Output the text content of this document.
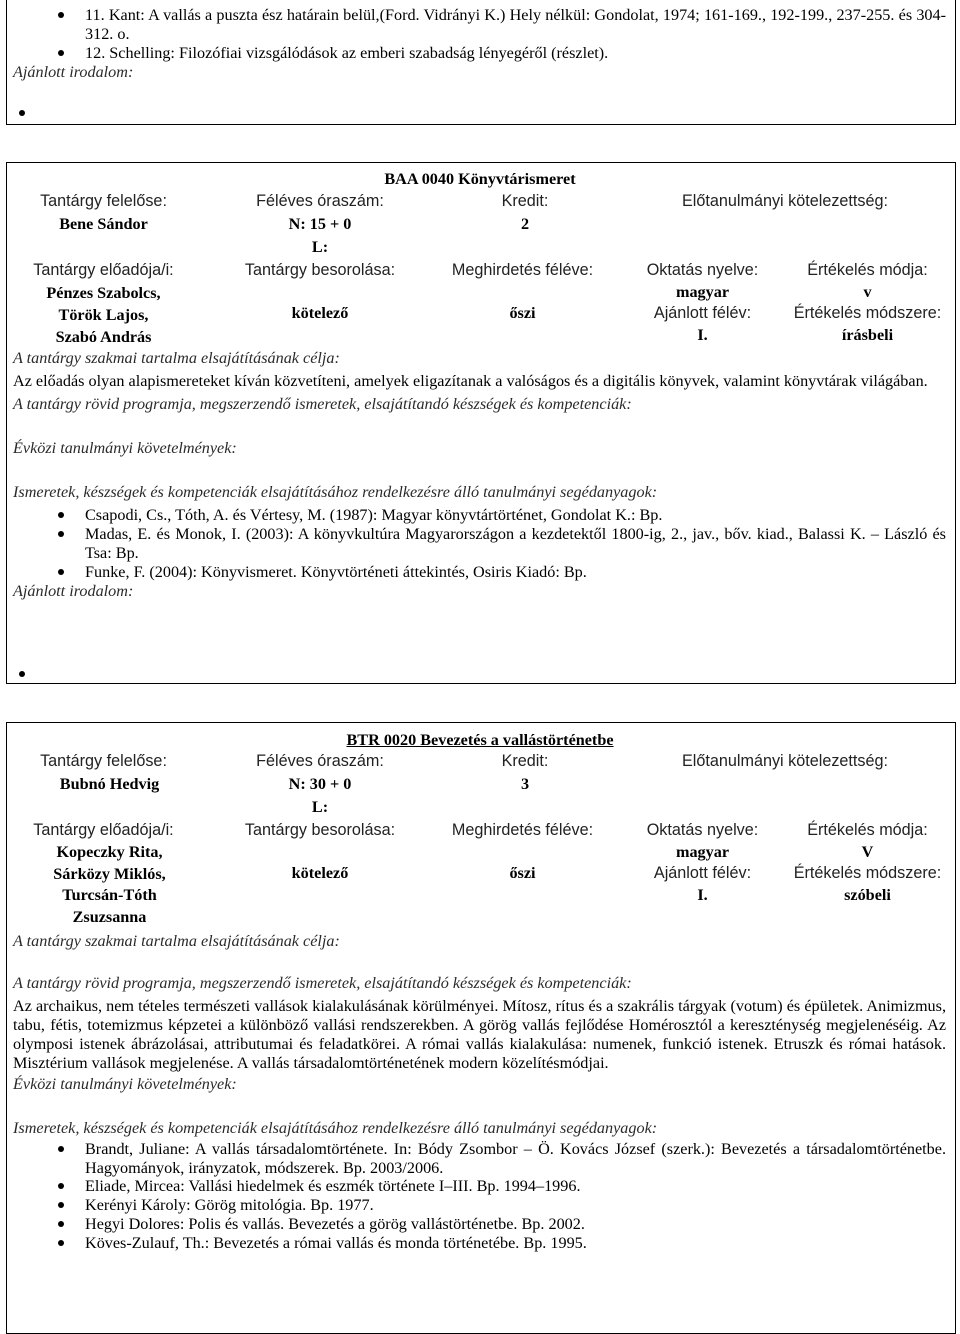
11. Kant: A vallás a puszta ész határain belül,(Ford. Vidrányi K.) Hely nélkül: Gondolat, 1974; 161-169., 192-199., 237-255. és 304-312. o.
12. Schelling: Filozófiai vizsgálódások az emberi szabadság lényegéről (részlet).
Ajánlott irodalom:
BAA 0040 Könyvtárismeret
Tantárgy felelőse:
Bene Sándor
Féléves óraszám:
N: 15 + 0
L:
Kredit:
2
Előtanulmányi kötelezettség:
Tantárgy előadója/i:
Pénzes Szabolcs,
Török Lajos,
Szabó András
Tantárgy besorolása:
kötelező
Meghirdetés féléve:
őszi
Oktatás nyelve:
magyar
Értékelés módja:
v
Ajánlott félév:
I.
Értékelés módszere:
írásbeli
A tantárgy szakmai tartalma elsajátításának célja:
Az előadás olyan alapismereteket kíván közvetíteni, amelyek eligazítanak a valóságos és a digitális könyvek, valamint könyvtárak világában.
A tantárgy rövid programja, megszerzendő ismeretek, elsajátítandó készségek és kompetenciák:
Évközi tanulmányi követelmények:
Ismeretek, készségek és kompetenciák elsajátításához rendelkezésre álló tanulmányi segédanyagok:
Csapodi, Cs., Tóth, A. és Vértesy, M. (1987): Magyar könyvtártörténet, Gondolat K.: Bp.
Madas, E. és Monok, I. (2003): A könyvkultúra Magyarországon a kezdetektől 1800-ig, 2., jav., bőv. kiad., Balassi K. – László és Tsa: Bp.
Funke, F. (2004): Könyvismeret. Könyvtörténeti áttekintés, Osiris Kiadó: Bp.
Ajánlott irodalom:
BTR 0020 Bevezetés a vallástörténetbe
Tantárgy felelőse:
Bubnó Hedvig
Féléves óraszám:
N: 30 + 0
L:
Kredit:
3
Előtanulmányi kötelezettség:
Tantárgy előadója/i:
Kopeczky Rita,
Sárközy Miklós,
Turcsán-Tóth
Zsuzsanna
Tantárgy besorolása:
kötelező
Meghirdetés féléve:
őszi
Oktatás nyelve:
magyar
Értékelés módja:
V
Ajánlott félév:
I.
Értékelés módszere:
szóbeli
A tantárgy szakmai tartalma elsajátításának célja:
A tantárgy rövid programja, megszerzendő ismeretek, elsajátítandó készségek és kompetenciák:
Az archaikus, nem tételes természeti vallások kialakulásának körülményei. Mítosz, rítus és a szakrális tárgyak (votum) és épületek. Animizmus, tabu, fétis, totemizmus képzetei a különböző vallási rendszerekben. A görög vallás fejlődése Homérosztól a kereszténység megjelenéséig. Az olymposi istenek ábrázolásai, attributumai és feladatkörei. A római vallás kialakulása: numenek, funkció istenek. Etruszk és római hatások. Misztérium vallások megjelenése. A vallás társadalomtörténetének modern közelítésmódjai.
Évközi tanulmányi követelmények:
Ismeretek, készségek és kompetenciák elsajátításához rendelkezésre álló tanulmányi segédanyagok:
Brandt, Juliane: A vallás társadalomtörténete. In: Bódy Zsombor – Ö. Kovács József (szerk.): Bevezetés a társadalomtörténetbe. Hagyományok, irányzatok, módszerek. Bp. 2003/2006.
Eliade, Mircea: Vallási hiedelmek és eszmék története I–III. Bp. 1994–1996.
Kerényi Károly: Görög mitológia. Bp. 1977.
Hegyi Dolores: Polis és vallás. Bevezetés a görög vallástörténetbe. Bp. 2002.
Köves-Zulauf, Th.: Bevezetés a római vallás és monda történetébe. Bp. 1995.
